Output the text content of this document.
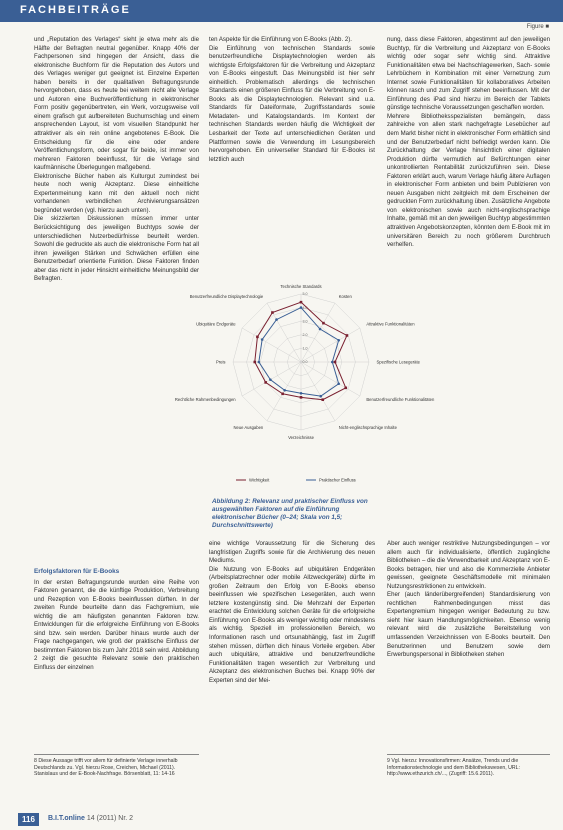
FACHBEITRÄGE
Figure ■

und „Reputation des Verlages“ sieht je etwa mehr als die Hälfte der Befragten neutral gegenüber. Knapp 40% der Fachpersonen sind hingegen der Ansicht, dass die elektronische Buchform für die Reputation des Autors und des Verlages weniger gut geeignet ist. Einzelne Experten haben bereits in der qualitativen Befragungsrunde hervorgehoben, dass es heute bei weitem nicht alle Verlage und Autoren eine Buchveröffentlichung in elektronischer Form positiv gegenübertreten, ein Werk, vorzugsweise voll einem grafisch gut aufbereiteten Buchumschlag und einem ansprechenden Layout, ist vom visuellen Standpunkt her attraktiver als ein rein online angebotenes E-Book. Die Entscheidung für die eine oder andere Veröffentlichungsform, oder sogar für beide, ist immer von mehreren Faktoren beeinflusst, für die Verlage sind kaufmännische Überlegungen maßgebend.

Elektronische Bücher haben als Kulturgut zumindest bei heute noch wenig Akzeptanz. Diese einheitliche Expertenmeinung kann mit den aktuell noch nicht vorhandenen verbindlichen Archivierungsansätzen begründet werden (vgl. hierzu auch unten).

Die skizzierten Diskussionen müssen immer unter Berücksichtigung des jeweiligen Buchtyps sowie der unterschiedlichen Nutzerbedürfnisse beurteilt werden. Sowohl die gedruckte als auch die elektronische Form hat all ihren jeweiligen Stärken und Schwächen erfüllen eine Benutzerbedarf orientierte Funktion. Diese Faktoren finden aber das nicht in jeder Hinsicht einheitliche Meinungsbild der Befragten.

Erfolgsfaktoren für E-Books

In der ersten Befragungsrunde wurden eine Reihe von Faktoren genannt, die die künftige Produktion, Verbreitung und Rezeption von E-Books beeinflussen dürften. In der zweiten Runde beurteilte dann das Fachgremium, wie wichtig die am häufigsten genannten Faktoren bzw. Entwicklungen für die erfolgreiche Einführung von E-Books sind bzw. sein werden. Darüber hinaus wurde auch der Frage nachgegangen, wie groß der praktische Einfluss der bestimmten Faktoren bis zum Jahr 2018 sein wird. Abbildung 2 zeigt die gesuchte Relevanz sowie den praktischen Einfluss der einzelnen

ten Aspekte für die Einführung von E-Books (Abb. 2).

Die Einführung von technischen Standards sowie benutzerfreundliche Displaytechnologien werden als wichtigste Erfolgsfaktoren für die Verbreitung und Akzeptanz von E-Books eingestuft. Das Meinungsbild ist hier sehr einheitlich. Problematisch allerdings die technischen Standards einen größeren Einfluss für die Verbreitung von E-Books als die Displaytechnologien. Relevant sind u.a. Standards für Dateiformate, Zugriffsstandards sowie Metadaten- und Katalogstandards. Im Kontext der technischen Standards werden häufig die Wichtigkeit der Lesbarkeit der Texte auf unterschiedlichen Geräten und Plattformen sowie die Verwendung im Lesungsbereich hervorgehoben. Ein universeller Standard für E-Books ist letztlich auch

0.0
1.0
2.0
3.0
4.0
5.0
Technische Standards
Kosten
Attraktive Funktionalitäten
Spezifische Lesegeräte
Benutzerfreundliche Funktionalitäten
Nicht-englischsprachige Inhalte
Verzeichnisse
Neue Ausgaben
Rechtliche Rahmenbedingungen
Preis
Ubiquitäre Endgeräte
Benutzerfreundliche Displaytechnologie
Wichtigkeit	Praktischer Einfluss
Abbildung 2: Relevanz und praktischer Einfluss von ausgewählten Faktoren auf die Einführung elektronischer Bücher (0–24; Skala von 1,5; Durchschnittswerte)

eine wichtige Voraussetzung für die Sicherung des langfristigen Zugriffs sowie für die Archivierung des neuen Mediums.

Die Nutzung von E-Books auf ubiquitären Endgeräten (Arbeitsplatzrechner oder mobile Allzweckgeräte) dürfte im großen Zeitraum den Erfolg von E-Books ebenso beeinflussen wie spezifischen Lesegeräten, auch wenn letztere kostengünstig sind. Die Mehrzahl der Experten erachtet die Entwicklung solchen Geräte für die erfolgreiche Einführung von E-Books als weniger wichtig oder mindestens als wichtig. Speziell im professionellen Bereich, wo Informationen rasch und ortsunabhängig, fast im Zugriff stehen müssen, dürften dich hinaus Vorteile ergeben. Aber auch ubiquitäre, attraktive und benutzerfreundliche Funktionalitäten tragen wesentlich zur Verbreitung und Akzeptanz des elektronischen Buches bei. Knapp 90% der Experten sind der Mei-

nung, dass diese Faktoren, abgestimmt auf den jeweiligen Buchtyp, für die Verbreitung und Akzeptanz von E-Books wichtig oder sogar sehr wichtig sind. Attraktive Funktionalitäten etwa bei Nachschlagewerken, Sach- sowie Lehrbüchern in Kombination mit einer Vernetzung zum Internet sowie Funktionalitäten für kollaboratives Arbeiten können rasch und zum Zugriff stehen beeinflussen. Mit der Einführung des iPad sind hierzu im Bereich der Tablets günstige technische Voraussetzungen geschaffen worden.

Mehrere Bibliotheksspezialisten bemängeln, dass zahlreiche von allen stark nachgefragte Lesebücher auf dem Markt bisher nicht in elektronischer Form erhältlich sind und der Benutzerbedarf nicht befriedigt werden kann. Die Zurückhaltung der Verlage hinsichtlich einer digitalen Produktion dürfte vermutlich auf Befürchtungen einer unkontrollierten Rentabilität zurückzuführen sein. Diese Faktoren erklärt auch, warum Verlage häufig ältere Auflagen in elektronischer Form anbieten und beim Publizieren von neuen Ausgaben nicht zeitgleich mit dem Erscheinen der gedruckten Form zurückhaltung üben. Zusätzliche Angebote von elektronischen sowie auch nicht-englischsprachige Inhalte, gemäß mit an den jeweiligen Buchtyp abgestimmten attraktiven Angebotskonzepten, könnten dem E-Book mit im universitären Bereich zu noch größerem Durchbruch verhelfen.

Aber auch weniger restriktive Nutzungsbedingungen – vor allem auch für individualisierte, öffentlich zugängliche Bibliotheken – die die Verwendbarkeit und Akzeptanz von E-Books betragen, hier und also die Kommerzielle Anbieter gewissen, geeignete Geschäftsmodelle mit minimalen Nutzungsrestriktionen zu entwickeln.

Eher (auch länderübergreifenden) Standardisierung von rechtlichen Rahmenbedingungen misst das Expertengremium hingegen weniger Bedeutung zu bzw. sieht hier kaum Handlungsmöglichkeiten. Ebenso wenig relevant wird die zusätzliche Bereitstellung von umfassenden Verzeichnissen von E-Books beurteilt. Den Benutzerinnen und Benutzern sowie dem Erwerbungspersonal in Bibliotheken stehen

8 Diese Aussage trifft vor allem für definierte Verlage innerhalb Deutschlands zu. Vgl. hierzu Rose, Creichen, Michael (2011). Stanislaus und der E-Book-Nachfrage. Börsenblatt, 11: 14-16
9 Vgl. hierzu: Innovationsfirmen: Ansätze, Trends und die Informationstechnologie und dem Bibliothekswesen, URL: http://www.ethzurich.ch/..., (Zugriff: 15.6.2011).
116	B.I.T.online 14 (2011) Nr. 2
